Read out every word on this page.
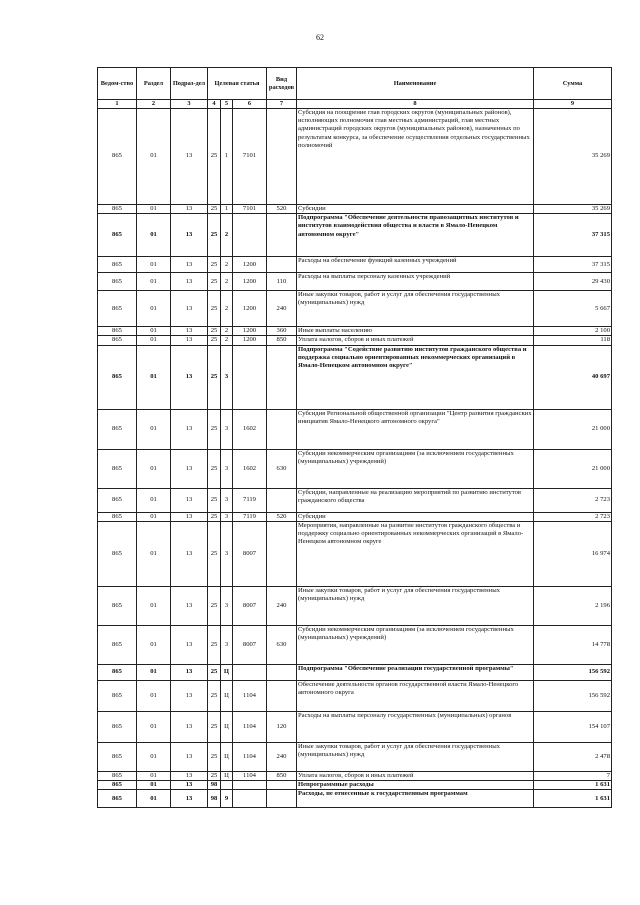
62
Ведом-ство	Раздел	Подраз-дел	Целевая статья			Вид расходов	Наименование	Сумма
1	2	3	4	5	6	7	8	9
865	01	13	25	1	7101		Субсидия на поощрение глав городских округов (муниципальных районов), исполняющих полномочия глав местных администраций, глав местных администраций городских округов (муниципальных районов), назначенных по результатам конкурса, за обеспечение осуществления отдельных государственных полномочий	35 269
865	01	13	25	1	7101	520	Субсидии	35 269
865	01	13	25	2			Подпрограмма "Обеспечение деятельности правозащитных институтов и институтов взаимодействия общества и власти в Ямало-Ненецком автономном округе"	37 315
865	01	13	25	2	1200		Расходы на обеспечение функций казенных учреждений	37 315
865	01	13	25	2	1200	110	Расходы на выплаты персоналу казенных учреждений	29 430
865	01	13	25	2	1200	240	Иные закупки товаров, работ и услуг для обеспечения государственных (муниципальных) нужд	5 667
865	01	13	25	2	1200	360	Иные выплаты населению	2 100
865	01	13	25	2	1200	850	Уплата налогов, сборов и иных платежей	118
865	01	13	25	3			Подпрограмма "Содействие развитию институтов гражданского общества и поддержка социально ориентированных некоммерческих организаций в Ямало-Ненецком автономном округе"	40 697
865	01	13	25	3	1602		Субсидия Региональной общественной организации "Центр развития гражданских инициатив Ямало-Ненецкого автономного округа"	21 000
865	01	13	25	3	1602	630	Субсидии некоммерческим организациям (за исключением государственных (муниципальных) учреждений)	21 000
865	01	13	25	3	7119		Субсидии, направленные на реализацию мероприятий по развитию институтов гражданского общества	2 723
865	01	13	25	3	7119	520	Субсидии	2 723
865	01	13	25	3	8007		Мероприятия, направленные на развитие институтов гражданского общества и поддержку социально ориентированных некоммерческих организаций в Ямало-Ненецком автономном округе	16 974
865	01	13	25	3	8007	240	Иные закупки товаров, работ и услуг для обеспечения государственных (муниципальных) нужд	2 196
865	01	13	25	3	8007	630	Субсидии некоммерческим организациям (за исключением государственных (муниципальных) учреждений)	14 778
865	01	13	25	Ц			Подпрограмма "Обеспечение реализации государственной программы"	156 592
865	01	13	25	Ц	1104		Обеспечение деятельности органов государственной власти Ямало-Ненецкого автономного округа	156 592
865	01	13	25	Ц	1104	120	Расходы на выплаты персоналу государственных (муниципальных) органов	154 107
865	01	13	25	Ц	1104	240	Иные закупки товаров, работ и услуг для обеспечения государственных (муниципальных) нужд	2 478
865	01	13	25	Ц	1104	850	Уплата налогов, сборов и иных платежей	7
865	01	13	98				Непрограммные расходы	1 631
865	01	13	98	9			Расходы, не отнесенные к государственным программам	1 631
